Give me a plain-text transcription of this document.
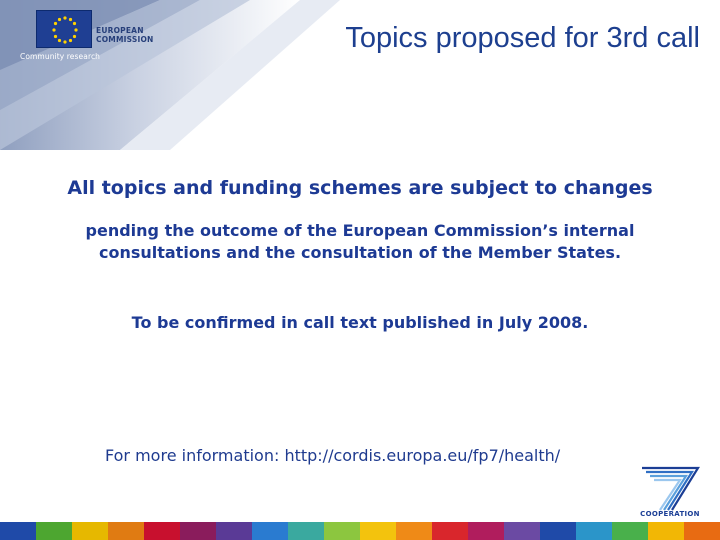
EUROPEAN
COMMISSION
Community research
Topics proposed for 3rd call
All topics and funding schemes are subject to changes
pending the outcome of the European Commission’s internal
consultations and the consultation of the Member States.
To be confirmed in call text published in July 2008.
For more information: http://cordis.europa.eu/fp7/health/
COOPERATION
